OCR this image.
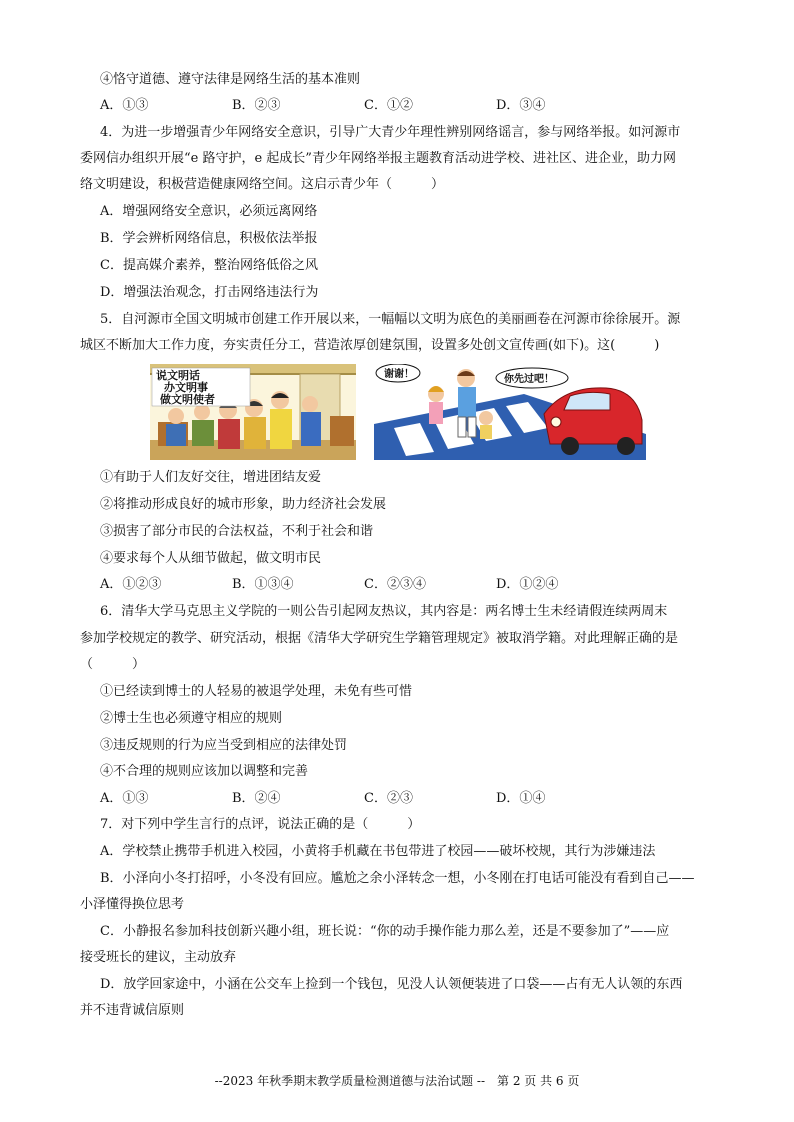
④恪守道德、遵守法律是网络生活的基本准则
A．①③	B．②③	C．①②	D．③④
4．为进一步增强青少年网络安全意识，引导广大青少年理性辨别网络谣言，参与网络举报。如河源市
委网信办组织开展“e 路守护，e 起成长”青少年网络举报主题教育活动进学校、进社区、进企业，助力网
络文明建设，积极营造健康网络空间。这启示青少年（　　　）
A．增强网络安全意识，必须远离网络
B．学会辨析网络信息，积极依法举报
C．提高媒介素养，整治网络低俗之风
D．增强法治观念，打击网络违法行为
5．自河源市全国文明城市创建工作开展以来，一幅幅以文明为底色的美丽画卷在河源市徐徐展开。源
城区不断加大工作力度，夯实责任分工，营造浓厚创建氛围，设置多处创文宣传画(如下)。这(　　　)
说文明话
办文明事
做文明使者
谢谢！	你先过吧！
①有助于人们友好交往，增进团结友爱
②将推动形成良好的城市形象，助力经济社会发展
③损害了部分市民的合法权益，不利于社会和谐
④要求每个人从细节做起，做文明市民
A．①②③	B．①③④	C．②③④	D．①②④
6．清华大学马克思主义学院的一则公告引起网友热议，其内容是：两名博士生未经请假连续两周末
参加学校规定的教学、研究活动，根据《清华大学研究生学籍管理规定》被取消学籍。对此理解正确的是
（　　　）
①已经读到博士的人轻易的被退学处理，未免有些可惜
②博士生也必须遵守相应的规则
③违反规则的行为应当受到相应的法律处罚
④不合理的规则应该加以调整和完善
A．①③	B．②④	C．②③	D．①④
7．对下列中学生言行的点评，说法正确的是（　　　）
A．学校禁止携带手机进入校园，小黄将手机藏在书包带进了校园——破坏校规，其行为涉嫌违法
B．小泽向小冬打招呼，小冬没有回应。尴尬之余小泽转念一想，小冬刚在打电话可能没有看到自己——
小泽懂得换位思考
C．小静报名参加科技创新兴趣小组，班长说：“你的动手操作能力那么差，还是不要参加了”——应
接受班长的建议，主动放弃
D．放学回家途中，小涵在公交车上捡到一个钱包，见没人认领便装进了口袋——占有无人认领的东西
并不违背诚信原则
--2023 年秋季期末教学质量检测道德与法治试题 --　第 2 页 共 6 页
